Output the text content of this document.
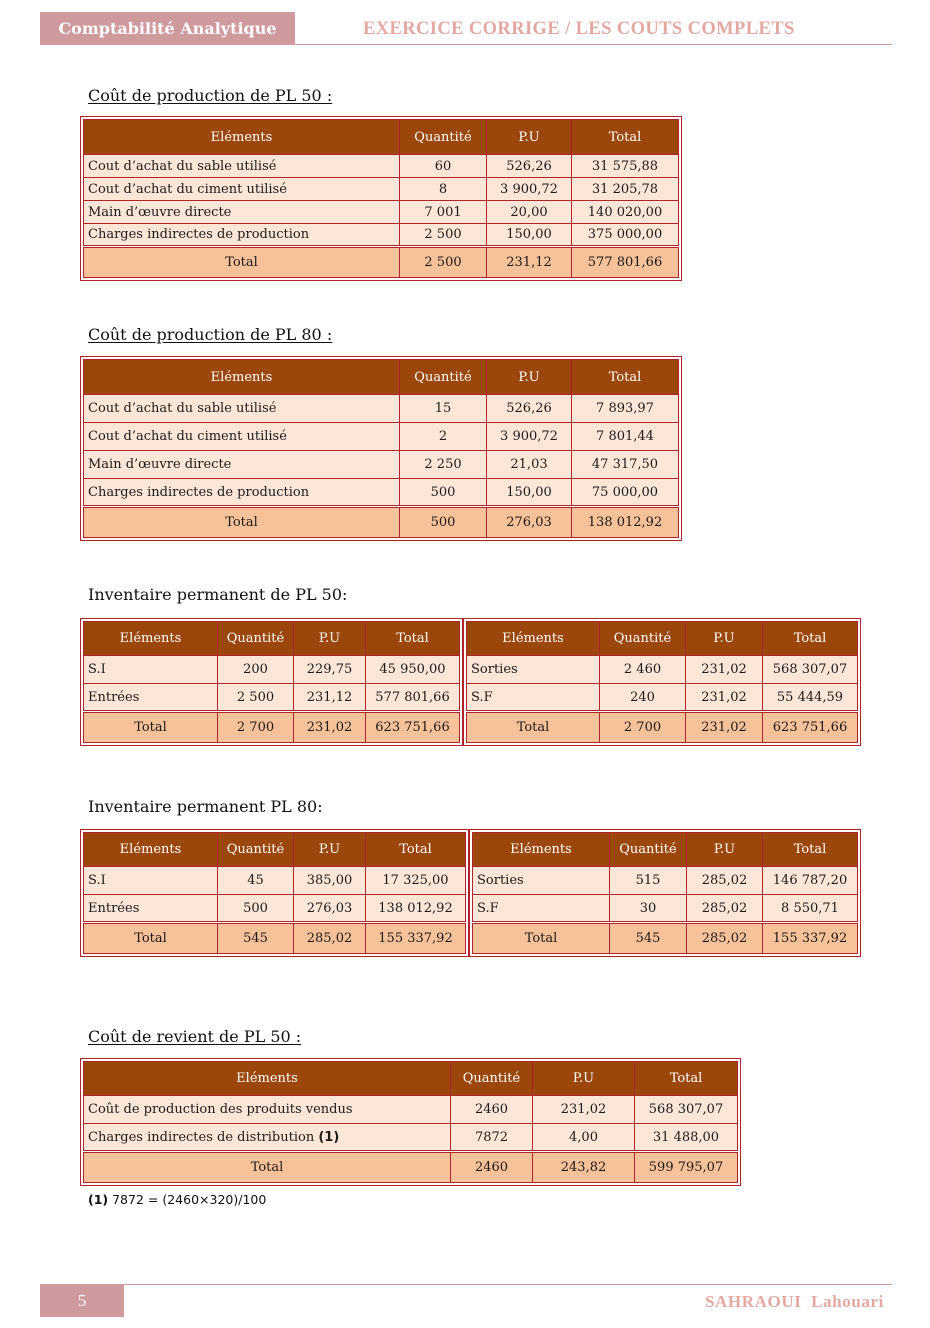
Comptabilité Analytique	EXERCICE CORRIGE / LES COUTS COMPLETS
Coût de production de PL 50 :
Eléments	Quantité	P.U	Total
Cout d’achat du sable utilisé	60	526,26	31 575,88
Cout d’achat du ciment utilisé	8	3 900,72	31 205,78
Main d’œuvre directe	7 001	20,00	140 020,00
Charges indirectes de production	2 500	150,00	375 000,00
Total	2 500	231,12	577 801,66
Coût de production de PL 80 :
Eléments	Quantité	P.U	Total
Cout d’achat du sable utilisé	15	526,26	7 893,97
Cout d’achat du ciment utilisé	2	3 900,72	7 801,44
Main d’œuvre directe	2 250	21,03	47 317,50
Charges indirectes de production	500	150,00	75 000,00
Total	500	276,03	138 012,92
Inventaire permanent de PL 50:
Eléments	Quantité	P.U	Total
S.I	200	229,75	45 950,00
Entrées	2 500	231,12	577 801,66
Total	2 700	231,02	623 751,66
Eléments	Quantité	P.U	Total
Sorties	2 460	231,02	568 307,07
S.F	240	231,02	55 444,59
Total	2 700	231,02	623 751,66
Inventaire permanent PL 80:
Eléments	Quantité	P.U	Total
S.I	45	385,00	17 325,00
Entrées	500	276,03	138 012,92
Total	545	285,02	155 337,92
Eléments	Quantité	P.U	Total
Sorties	515	285,02	146 787,20
S.F	30	285,02	8 550,71
Total	545	285,02	155 337,92
Coût de revient de PL 50 :
Eléments	Quantité	P.U	Total
Coût de production des produits vendus	2460	231,02	568 307,07
Charges indirectes de distribution (1)	7872	4,00	31 488,00
Total	2460	243,82	599 795,07
(1) 7872 = (2460×320)/100
5	SAHRAOUI  Lahouari
